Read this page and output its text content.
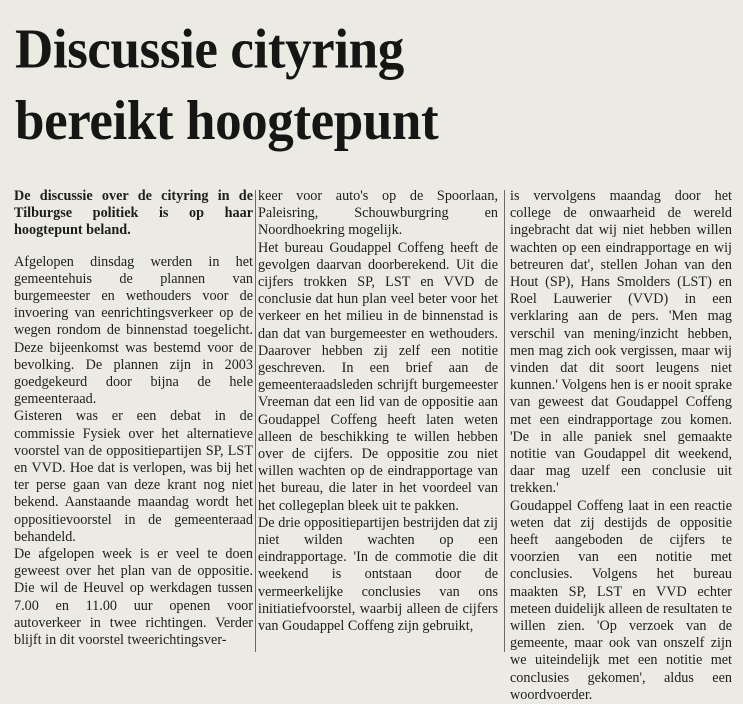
Discussie cityring
bereikt hoogtepunt

De discussie over de cityring in de Tilburgse politiek is op haar hoogtepunt beland.

Afgelopen dinsdag werden in het gemeentehuis de plannen van burgemeester en wethouders voor de invoering van eenrichtingsverkeer op de wegen rondom de binnenstad toegelicht. Deze bijeenkomst was bestemd voor de bevolking. De plannen zijn in 2003 goedgekeurd door bijna de hele gemeenteraad.

Gisteren was er een debat in de commissie Fysiek over het alternatieve voorstel van de oppositiepartijen SP, LST en VVD. Hoe dat is verlopen, was bij het ter perse gaan van deze krant nog niet bekend. Aanstaande maandag wordt het oppositievoorstel in de gemeenteraad behandeld.

De afgelopen week is er veel te doen geweest over het plan van de oppositie. Die wil de Heuvel op werkdagen tussen 7.00 en 11.00 uur openen voor autoverkeer in twee richtingen. Verder blijft in dit voorstel tweerichtingsver-

keer voor auto's op de Spoorlaan, Paleisring, Schouwburgring en Noordhoekring mogelijk.

Het bureau Goudappel Coffeng heeft de gevolgen daarvan doorberekend. Uit die cijfers trokken SP, LST en VVD de conclusie dat hun plan veel beter voor het verkeer en het milieu in de binnenstad is dan dat van burgemeester en wethouders. Daarover hebben zij zelf een notitie geschreven. In een brief aan de gemeenteraadsleden schrijft burgemeester Vreeman dat een lid van de oppositie aan Goudappel Coffeng heeft laten weten alleen de beschikking te willen hebben over de cijfers. De oppositie zou niet willen wachten op de eindrapportage van het bureau, die later in het voordeel van het collegeplan bleek uit te pakken.

De drie oppositiepartijen bestrijden dat zij niet wilden wachten op een eindrapportage. 'In de commotie die dit weekend is ontstaan door de vermeerkelijke conclusies van ons initiatiefvoorstel, waarbij alleen de cijfers van Goudappel Coffeng zijn gebruikt,

is vervolgens maandag door het college de onwaarheid de wereld ingebracht dat wij niet hebben willen wachten op een eindrapportage en wij betreuren dat', stellen Johan van den Hout (SP), Hans Smolders (LST) en Roel Lauwerier (VVD) in een verklaring aan de pers. 'Men mag verschil van mening/inzicht hebben, men mag zich ook vergissen, maar wij vinden dat dit soort leugens niet kunnen.' Volgens hen is er nooit sprake van geweest dat Goudappel Coffeng met een eindrapportage zou komen. 'De in alle paniek snel gemaakte notitie van Goudappel dit weekend, daar mag uzelf een conclusie uit trekken.'

Goudappel Coffeng laat in een reactie weten dat zij destijds de oppositie heeft aangeboden de cijfers te voorzien van een notitie met conclusies. Volgens het bureau maakten SP, LST en VVD echter meteen duidelijk alleen de resultaten te willen zien. 'Op verzoek van de gemeente, maar ook van onszelf zijn we uiteindelijk met een notitie met conclusies gekomen', aldus een woordvoerder.
